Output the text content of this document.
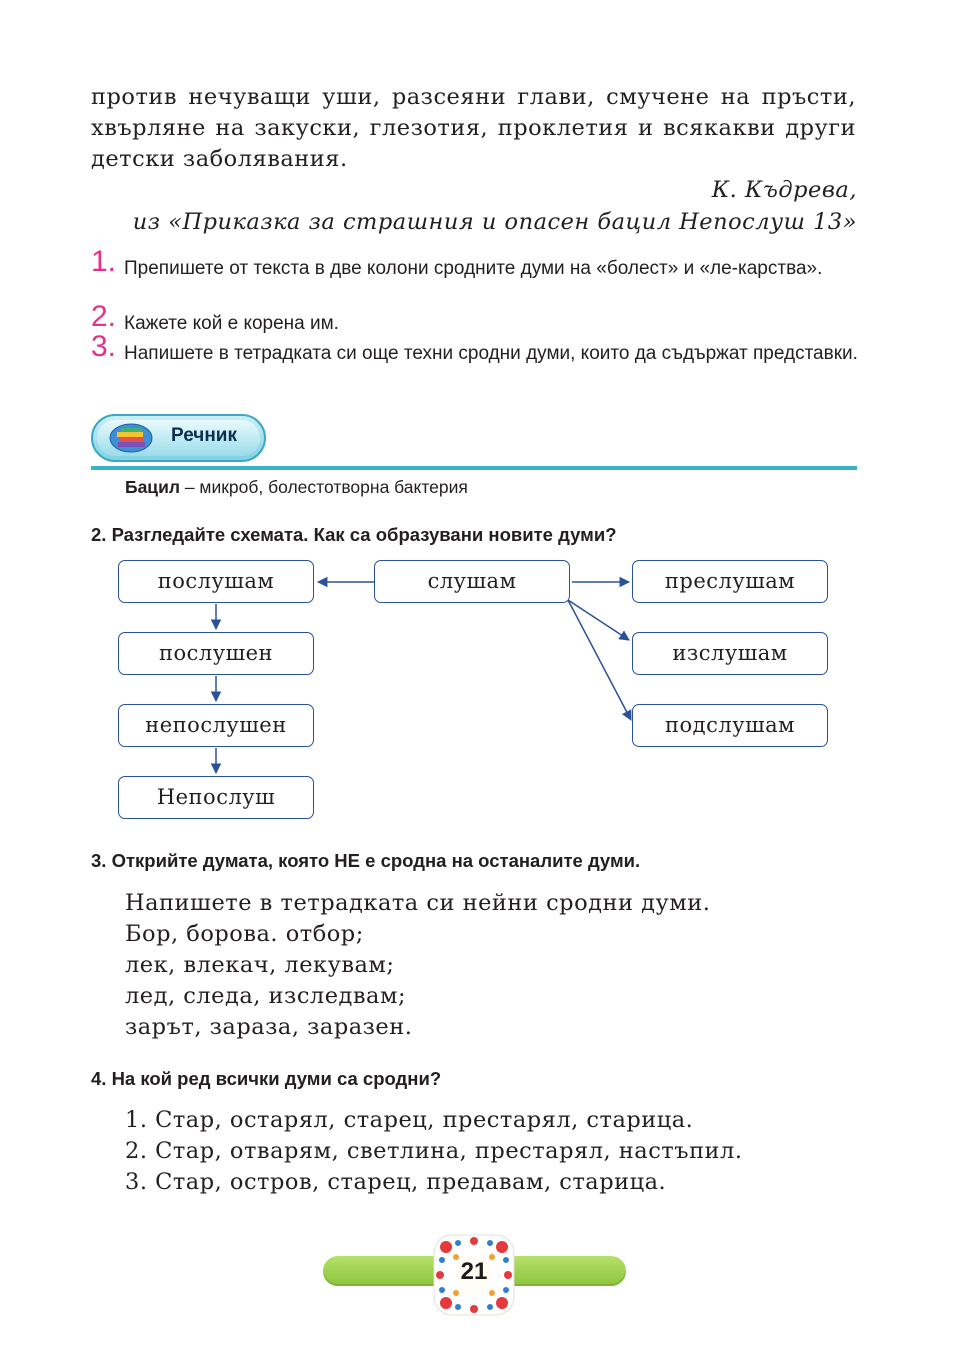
против нечуващи уши, разсеяни глави, смучене на пръсти,
хвърляне на закуски, глезотия, проклетия и всякакви други
детски заболявания.
К. Къдрева,
из «Приказка за страшния и опасен бацил Непослуш 13»
1. Препишете от текста в две колони сродните думи на «болест» и «ле-карства».
2. Кажете кой е корена им.
3. Напишете в тетрадката си още техни сродни думи, които да съдържат представки.
Речник
Бацил – микроб, болестотворна бактерия
2. Разгледайте схемата. Как са образувани новите думи?
слушам
послушам
послушен
непослушен
Непослуш
преслушам
изслушам
подслушам
3. Открийте думата, която НЕ е сродна на останалите думи.
Напишете в тетрадката си нейни сродни думи.
Бор, борова. отбор;
лек, влекач, лекувам;
лед, следа, изследвам;
зарът, зараза, заразен.
4. На кой ред всички думи са сродни?
1. Стар, остарял, старец, престарял, старица.
2. Стар, отварям, светлина, престарял, настъпил.
3. Стар, остров, старец, предавам, старица.
21
